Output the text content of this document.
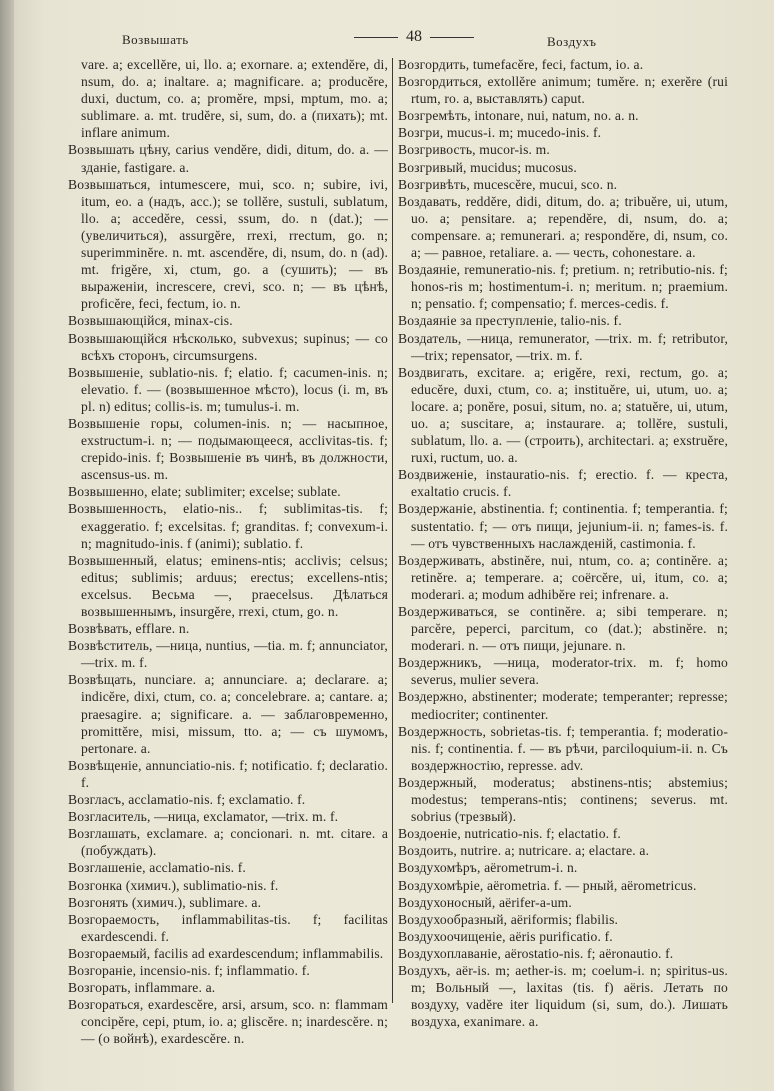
Возвышать	48	Воздухъ

vare. a; excellĕre, ui, llo. a; exornare. a; extendĕre, di, nsum, do. a; inaltare. a; magnificare. a; producĕre, duxi, ductum, co. a; promĕre, mpsi, mptum, mo. a; sublimare. a. mt. trudĕre, si, sum, do. a (пихать); mt. inflare animum.

Возвышать цѣну, carius vendĕre, didi, ditum, do. a. — зданіе, fastigare. a.

Возвышаться, intumescere, mui, sco. n; subire, ivi, itum, eo. a (надъ, acc.); se tollĕre, sustuli, sublatum, llo. a; accedĕre, cessi, ssum, do. n (dat.); — (увеличиться), assurgĕre, rrexi, rrectum, go. n; superimminĕre. n. mt. ascendĕre, di, nsum, do. n (ad). mt. frigĕre, xi, ctum, go. a (сушить); — въ выраженіи, increscere, crevi, sco. n; — въ цѣнѣ, proficĕre, feci, fectum, io. n.

Возвышающійся, minax-cis.

Возвышающійся нѣсколько, subvexus; supinus; — со всѣхъ сторонъ, circumsurgens.

Возвышеніе, sublatio-nis. f; elatio. f; cacumen-inis. n; elevatio. f. — (возвышенное мѣсто), locus (i. m, въ pl. n) editus; collis-is. m; tumulus-i. m.

Возвышеніе горы, columen-inis. n; — насыпное, exstructum-i. n; — подымающееся, acclivitas-tis. f; crepido-inis. f; Возвышеніе въ чинѣ, въ должности, ascensus-us. m.

Возвышенно, elate; sublimiter; excelse; sublate.

Возвышенность, elatio-nis.. f; sublimitas-tis. f; exaggeratio. f; excelsitas. f; granditas. f; convexum-i. n; magnitudo-inis. f (animi); sublatio. f.

Возвышенный, elatus; eminens-ntis; acclivis; celsus; editus; sublimis; arduus; erectus; excellens-ntis; excelsus. Весьма —, praecelsus. Дѣлаться возвышеннымъ, insurgĕre, rrexi, ctum, go. n.

Возвѣвать, efflare. n.

Возвѣститель, —ница, nuntius, —tia. m. f; annunciator,—trix. m. f.

Возвѣщать, nunciare. a; annunciare. a; declarare. a; indicĕre, dixi, ctum, co. a; concelebrare. a; cantare. a; praesagire. a; significare. a. — заблаговременно, promittĕre, misi, missum, tto. a; — съ шумомъ, pertonare. a.

Возвѣщеніе, annunciatio-nis. f; notificatio. f; declaratio. f.

Возгласъ, acclamatio-nis. f; exclamatio. f.

Возгласитель, —ница, exclamator, —trix. m. f.

Возглашать, exclamare. a; concionari. n. mt. citare. a (побуждать).

Возглашеніе, acclamatio-nis. f.

Возгонка (химич.), sublimatio-nis. f.

Возгонять (химич.), sublimare. a.

Возгораемость, inflammabilitas-tis. f; facilitas exardescendi. f.

Возгораемый, facilis ad exardescendum; inflammabilis.

Возгораніе, incensio-nis. f; inflammatio. f.

Возгорать, inflammare. a.

Возгораться, exardescĕre, arsi, arsum, sco. n: flammam concipĕre, cepi, ptum, io. a; gliscĕre. n; inardescĕre. n; — (о войнѣ), exardescĕre. n.

Возгордить, tumefacĕre, feci, factum, io. a.

Возгордиться, extollĕre animum; tumĕre. n; exerĕre (rui rtum, ro. a, выставлять) caput.

Возгремѣть, intonare, nui, natum, no. a. n.

Возгри, mucus-i. m; mucedo-inis. f.

Возгривость, mucor-is. m.

Возгривый, mucidus; mucosus.

Возгривѣть, mucescĕre, mucui, sco. n.

Воздавать, reddĕre, didi, ditum, do. a; tribuĕre, ui, utum, uo. a; pensitare. a; rependĕre, di, nsum, do. a; compensare. a; remunerari. a; respondĕre, di, nsum, co. a; — равное, retaliare. a. — честь, cohonestare. a.

Воздаяніе, remuneratio-nis. f; pretium. n; retributio-nis. f; honos-ris m; hostimentum-i. n; meritum. n; praemium. n; pensatio. f; compensatio; f. merces-cedis. f.

Воздаяніе за преступленіе, talio-nis. f.

Воздатель, —ница, remunerator, —trix. m. f; retributor, —trix; repensator, —trix. m. f.

Воздвигать, excitare. a; erigĕre, rexi, rectum, go. a; educĕre, duxi, ctum, co. a; instituĕre, ui, utum, uo. a; locare. a; ponĕre, posui, situm, no. a; statuĕre, ui, utum, uo. a; suscitare, a; instaurare. a; tollĕre, sustuli, sublatum, llo. a. — (строить), architectari. a; exstruĕre, ruxi, ructum, uo. a.

Воздвиженіе, instauratio-nis. f; erectio. f. — креста, exaltatio crucis. f.

Воздержаніе, abstinentia. f; continentia. f; temperantia. f; sustentatio. f; — отъ пищи, jejunium-ii. n; fames-is. f. — отъ чувственныхъ наслажденій, castimonia. f.

Воздерживать, abstinĕre, nui, ntum, co. a; continĕre. a; retinĕre. a; temperare. a; coërcĕre, ui, itum, co. a; moderari. a; modum adhibĕre rei; infrenare. a.

Воздерживаться, se continĕre. a; sibi temperare. n; parcĕre, peperci, parcitum, co (dat.); abstinĕre. n; moderari. n. — отъ пищи, jejunare. n.

Воздержникъ, —ница, moderator-trix. m. f; homo severus, mulier severa.

Воздержно, abstinenter; moderate; temperanter; represse; mediocriter; continenter.

Воздержность, sobrietas-tis. f; temperantia. f; moderatio-nis. f; continentia. f. — въ рѣчи, parciloquium-ii. n. Съ воздержностію, represse. adv.

Воздержный, moderatus; abstinens-ntis; abstemius; modestus; temperans-ntis; continens; severus. mt. sobrius (трезвый).

Воздоеніе, nutricatio-nis. f; elactatio. f.

Воздоить, nutrire. a; nutricare. a; elactare. a.

Воздухомѣръ, aërometrum-i. n.

Воздухомѣріе, aërometria. f. — рный, aërometricus.

Воздухоносный, aërifer-a-um.

Воздухообразный, aëriformis; flabilis.

Воздухоочищеніе, aëris purificatio. f.

Воздухоплаваніе, aërostatio-nis. f; aëronautio. f.

Воздухъ, aër-is. m; aether-is. m; coelum-i. n; spiritus-us. m; Вольный —, laxitas (tis. f) aëris. Летать по воздуху, vadĕre iter liquidum (si, sum, do.). Лишать воздуха, exanimare. a.
